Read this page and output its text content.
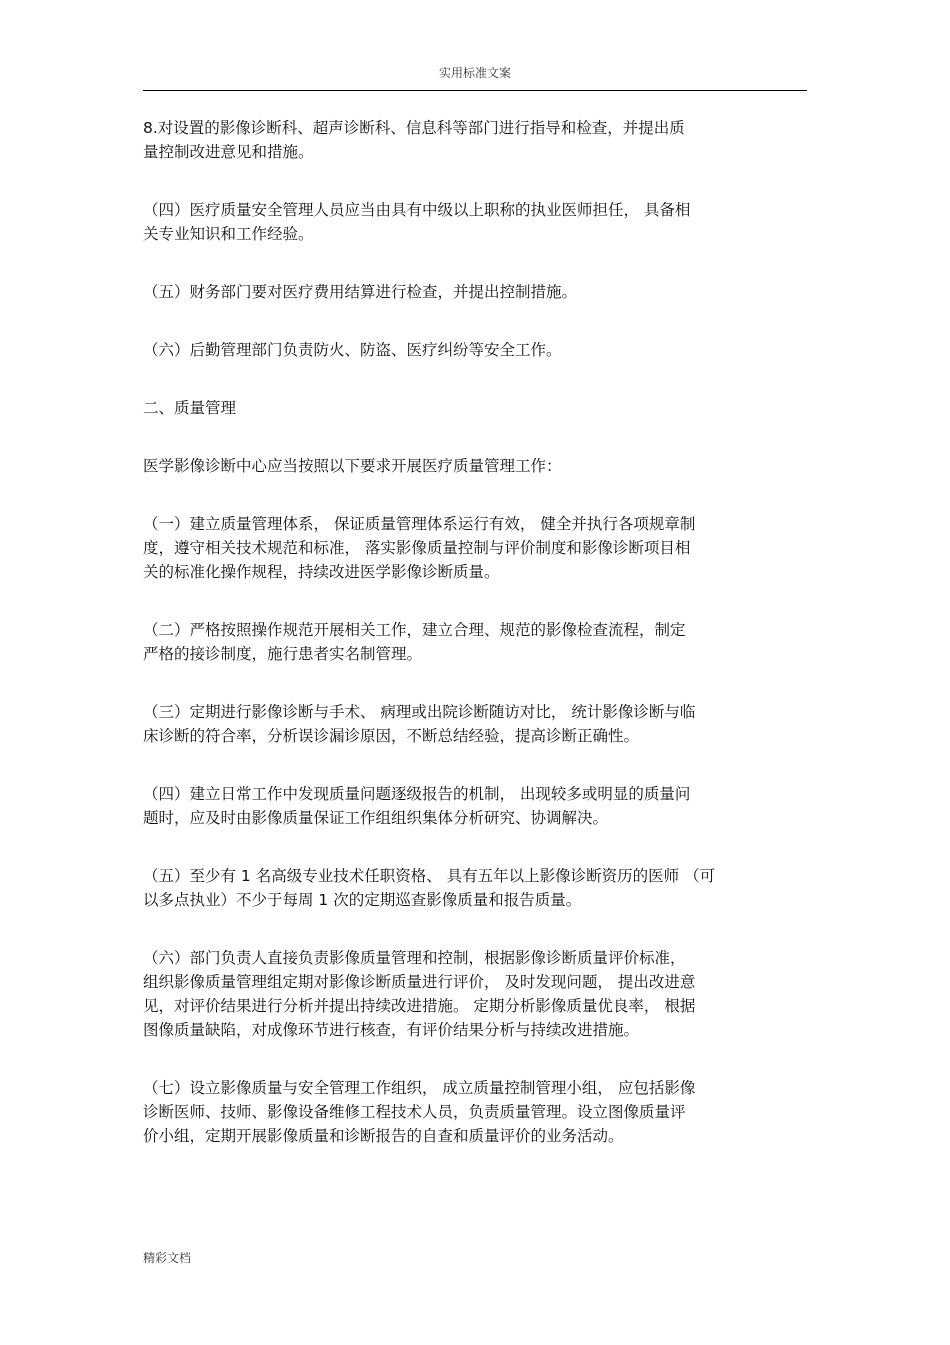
实用标准文案
8.对设置的影像诊断科、超声诊断科、信息科等部门进行指导和检查，并提出质
量控制改进意见和措施。
（四）医疗质量安全管理人员应当由具有中级以上职称的执业医师担任， 具备相
关专业知识和工作经验。
（五）财务部门要对医疗费用结算进行检查，并提出控制措施。
（六）后勤管理部门负责防火、防盗、医疗纠纷等安全工作。
二、质量管理
医学影像诊断中心应当按照以下要求开展医疗质量管理工作：
（一）建立质量管理体系， 保证质量管理体系运行有效， 健全并执行各项规章制
度，遵守相关技术规范和标准， 落实影像质量控制与评价制度和影像诊断项目相
关的标准化操作规程，持续改进医学影像诊断质量。
（二）严格按照操作规范开展相关工作，建立合理、规范的影像检查流程，制定
严格的接诊制度，施行患者实名制管理。
（三）定期进行影像诊断与手术、 病理或出院诊断随访对比， 统计影像诊断与临
床诊断的符合率，分析误诊漏诊原因，不断总结经验，提高诊断正确性。
（四）建立日常工作中发现质量问题逐级报告的机制， 出现较多或明显的质量问
题时，应及时由影像质量保证工作组组织集体分析研究、协调解决。
（五）至少有 1 名高级专业技术任职资格、 具有五年以上影像诊断资历的医师 （可
以多点执业）不少于每周 1 次的定期巡查影像质量和报告质量。
（六）部门负责人直接负责影像质量管理和控制，根据影像诊断质量评价标准，
组织影像质量管理组定期对影像诊断质量进行评价， 及时发现问题， 提出改进意
见，对评价结果进行分析并提出持续改进措施。 定期分析影像质量优良率， 根据
图像质量缺陷，对成像环节进行核查，有评价结果分析与持续改进措施。
（七）设立影像质量与安全管理工作组织， 成立质量控制管理小组， 应包括影像
诊断医师、技师、影像设备维修工程技术人员，负责质量管理。设立图像质量评
价小组，定期开展影像质量和诊断报告的自查和质量评价的业务活动。
精彩文档
